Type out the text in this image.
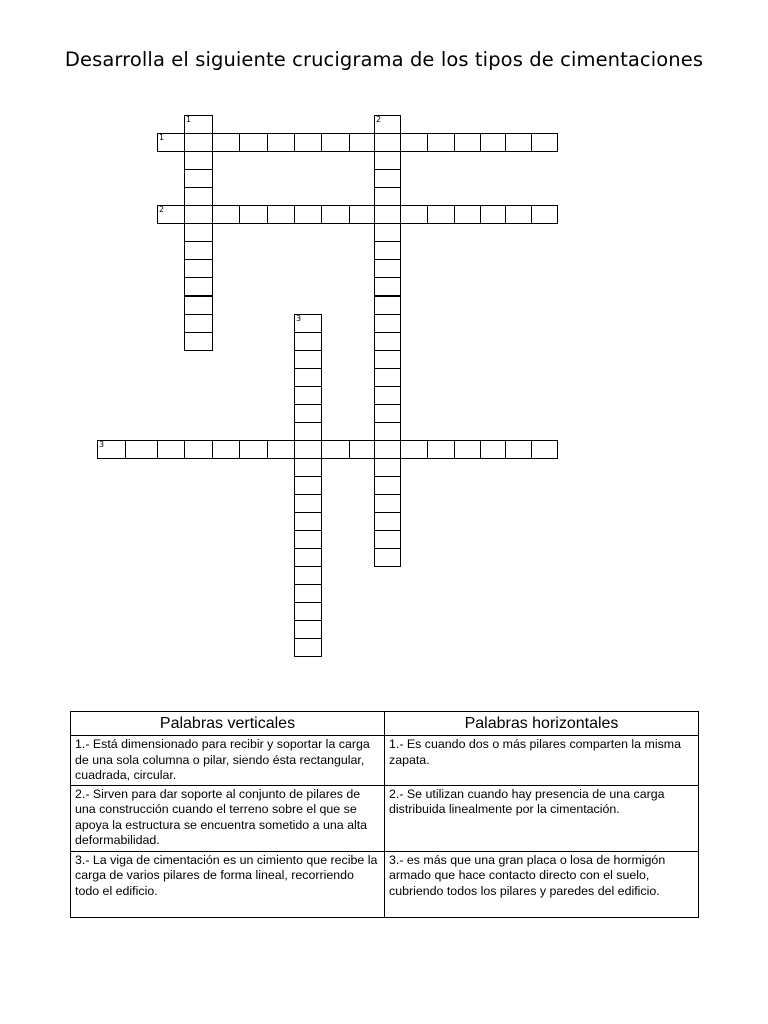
Desarrolla el siguiente crucigrama de los tipos de cimentaciones
1	2
3
1
2
3
Palabras verticales	Palabras horizontales
1.- Está dimensionado para recibir y soportar la carga de una sola columna o pilar, siendo ésta rectangular, cuadrada, circular.	1.- Es cuando dos o más pilares comparten la misma zapata.
2.- Sirven para dar soporte al conjunto de pilares de una construcción cuando el terreno sobre el que se apoya la estructura se encuentra sometido a una alta deformabilidad.	2.- Se utilizan cuando hay presencia de una carga distribuida linealmente por la cimentación.
3.- La viga de cimentación es un cimiento que recibe la carga de varios pilares de forma lineal, recorriendo todo el edificio.	3.- es más que una gran placa o losa de hormigón armado que hace contacto directo con el suelo, cubriendo todos los pilares y paredes del edificio.
